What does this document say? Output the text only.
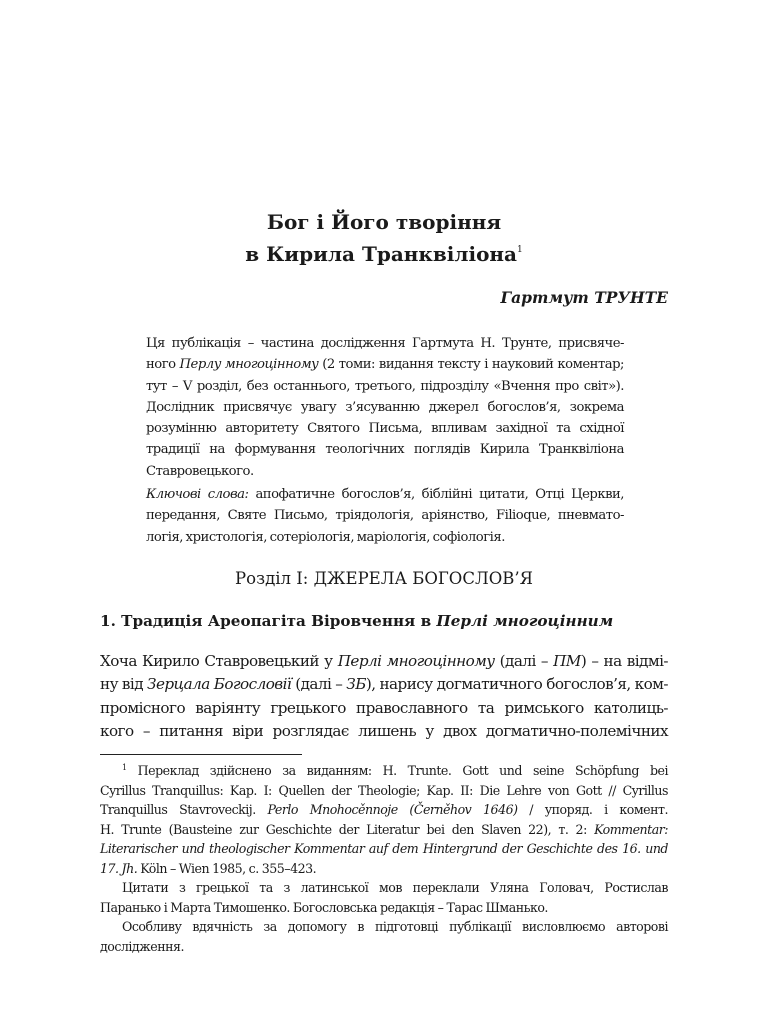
Бог і Його творіння
в Кирила Транквіліона$^1$
Гартмут ТРУНТЕ

Ця публікація – частина дослідження Гартмута Н. Трунте, присвяче-
ного Перлу многоцінному (2 томи: видання тексту і науковий коментар;
тут – V розділ, без останнього, третього, підрозділу «Вчення про світ»).
Дослідник присвячує увагу з’ясуванню джерел богослов’я, зокрема
розумінню авторитету Святого Письма, впливам західної та східної
традиції на формування теологічних поглядів Кирила Транквіліона
Ставровецького.

Ключові слова: апофатичне богослов’я, біблійні цитати, Отці Церкви,
передання, Святе Письмо, тріядологія, аріянство, Filioque, пневмато-
логія, христологія, сотеріологія, маріологія, софіологія.

Розділ І: ДЖЕРЕЛА БОГОСЛОВ’Я
1. Традиція Ареопагіта Віровчення в Перлі многоцінним
Хоча Кирило Ставровецький у Перлі многоцінному (далі – ПМ) – на відмі-
ну від Зерцала Богословії (далі – ЗБ), нарису догматичного богослов’я, ком-
промісного варіянту грецького православного та римського католиць-
кого – питання віри розглядає лишень у двох догматично-полемічних

$^1$ Переклад здійснено за виданням: H. Trunte. Gott und seine Schöpfung bei
Cyrillus Tranquillus: Kap. I: Quellen der Theologie; Kap. II: Die Lehre von Gott // Cyrillus
Tranquillus Stavroveckij. Perlo Mnohocěnnoje (Černěhov 1646) / упоряд. і комент.
H. Trunte (Bausteine zur Geschichte der Literatur bei den Slaven 22), т. 2: Kommentar:
Literarischer und theologischer Kommentar auf dem Hintergrund der Geschichte des 16. und
17. Jh. Köln – Wien 1985, с. 355–423.

Цитати з грецької та з латинської мов переклали Уляна Головач, Ростислав
Паранько і Марта Тимошенко. Богословська редакція – Тарас Шманько.

Особливу вдячність за допомогу в підготовці публікації висловлюємо авторові
дослідження.
